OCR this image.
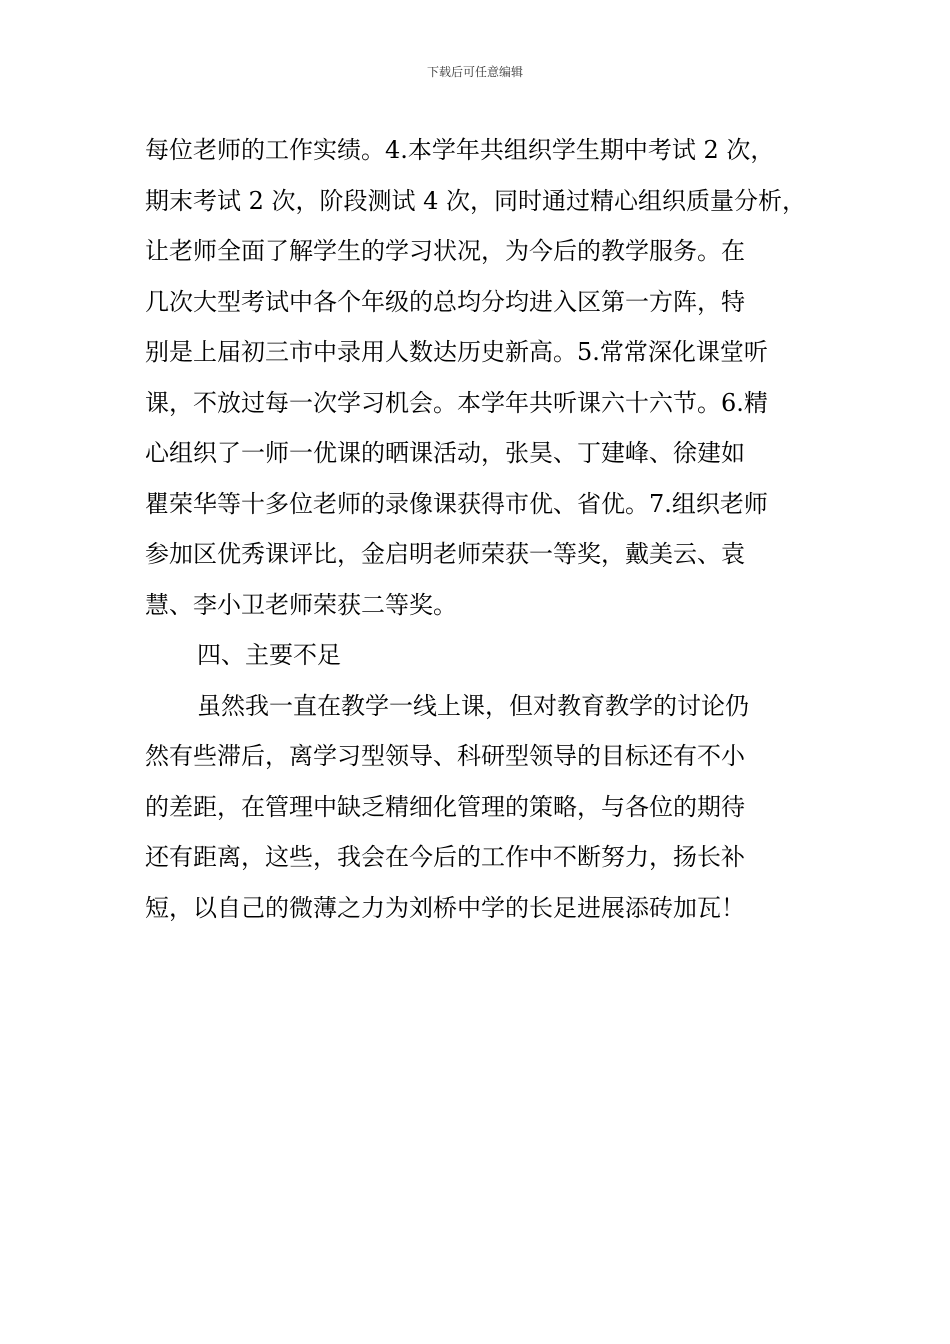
下载后可任意编辑
每位老师的工作实绩。4.本学年共组织学生期中考试 2 次，
期末考试 2 次，阶段测试 4 次，同时通过精心组织质量分析，
让老师全面了解学生的学习状况，为今后的教学服务。在
几次大型考试中各个年级的总均分均进入区第一方阵，特
别是上届初三市中录用人数达历史新高。5.常常深化课堂听
课，不放过每一次学习机会。本学年共听课六十六节。6.精
心组织了一师一优课的晒课活动，张昊、丁建峰、徐建如
瞿荣华等十多位老师的录像课获得市优、省优。7.组织老师
参加区优秀课评比，金启明老师荣获一等奖，戴美云、袁
慧、李小卫老师荣获二等奖。
四、主要不足
虽然我一直在教学一线上课，但对教育教学的讨论仍
然有些滞后，离学习型领导、科研型领导的目标还有不小
的差距，在管理中缺乏精细化管理的策略，与各位的期待
还有距离，这些，我会在今后的工作中不断努力，扬长补
短，以自己的微薄之力为刘桥中学的长足进展添砖加瓦！
